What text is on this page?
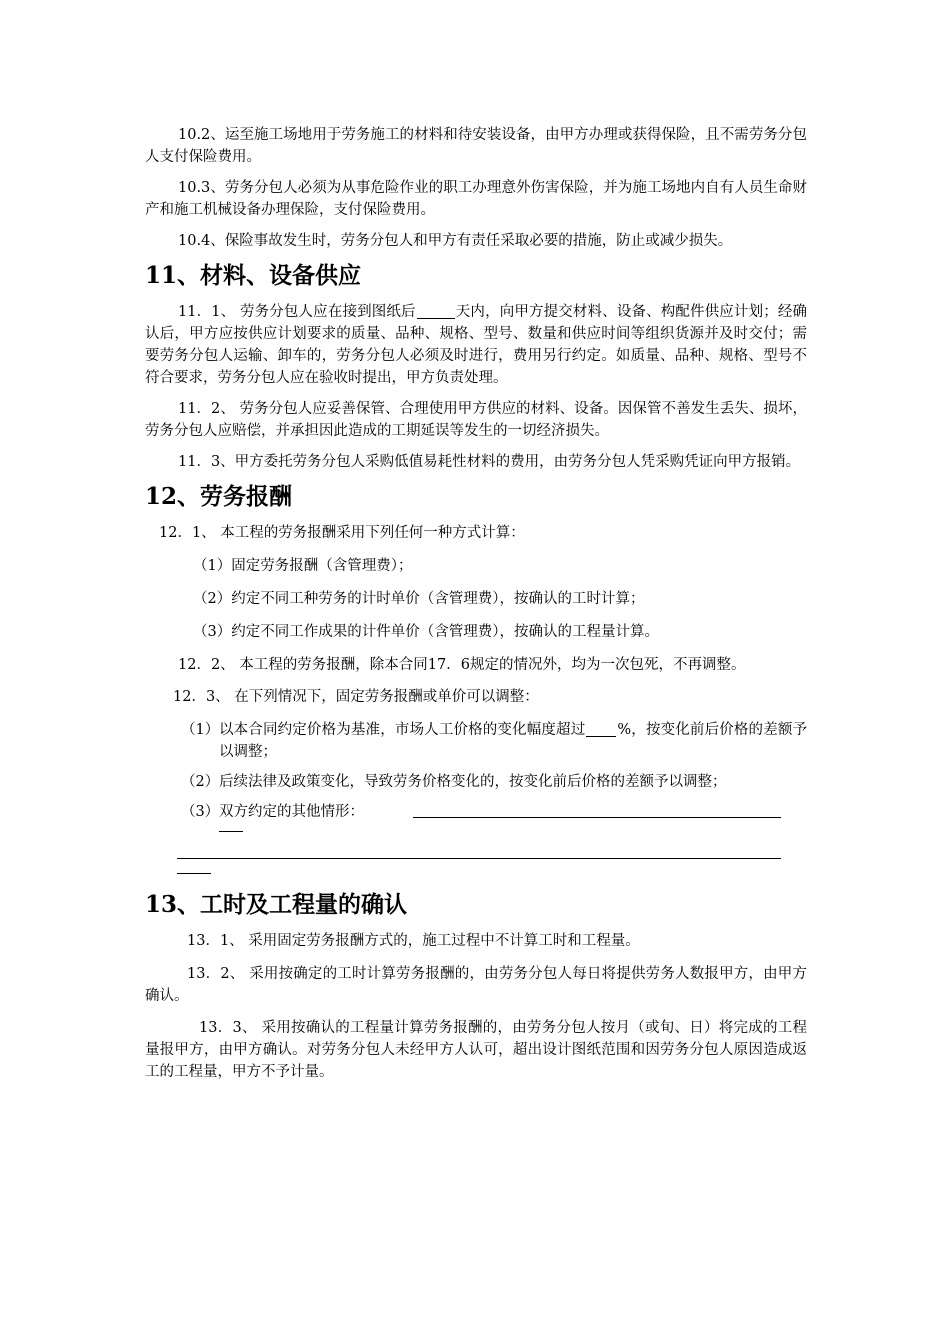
10.2、运至施工场地用于劳务施工的材料和待安装设备，由甲方办理或获得保险，且不需劳务分包人支付保险费用。

10.3、劳务分包人必须为从事危险作业的职工办理意外伤害保险，并为施工场地内自有人员生命财产和施工机械设备办理保险，支付保险费用。

10.4、保险事故发生时，劳务分包人和甲方有责任采取必要的措施，防止或减少损失。

11、材料、设备供应

11．1、 劳务分包人应在接到图纸后	天内，向甲方提交材料、设备、构配件供应计划；经确认后，甲方应按供应计划要求的质量、品种、规格、型号、数量和供应时间等组织货源并及时交付；需要劳务分包人运输、卸车的，劳务分包人必须及时进行，费用另行约定。如质量、品种、规格、型号不符合要求，劳务分包人应在验收时提出，甲方负责处理。

11．2、 劳务分包人应妥善保管、合理使用甲方供应的材料、设备。因保管不善发生丢失、损坏，劳务分包人应赔偿，并承担因此造成的工期延误等发生的一切经济损失。

11．3、甲方委托劳务分包人采购低值易耗性材料的费用，由劳务分包人凭采购凭证向甲方报销。

12、劳务报酬

12．1、 本工程的劳务报酬采用下列任何一种方式计算：

（1）固定劳务报酬（含管理费）；

（2）约定不同工种劳务的计时单价（含管理费），按确认的工时计算；

（3）约定不同工作成果的计件单价（含管理费），按确认的工程量计算。

12．2、 本工程的劳务报酬，除本合同17．6规定的情况外，均为一次包死，不再调整。

12．3、 在下列情况下，固定劳务报酬或单价可以调整：

（1） 以本合同约定价格为基准，市场人工价格的变化幅度超过 %，按变化前后价格的差额予以调整；

（2） 后续法律及政策变化，导致劳务价格变化的，按变化前后价格的差额予以调整；

（3） 双方约定的其他情形：

13、工时及工程量的确认

13．1、 采用固定劳务报酬方式的，施工过程中不计算工时和工程量。

13．2、 采用按确定的工时计算劳务报酬的，由劳务分包人每日将提供劳务人数报甲方，由甲方确认。

13．3、 采用按确认的工程量计算劳务报酬的，由劳务分包人按月（或旬、日）将完成的工程量报甲方，由甲方确认。对劳务分包人未经甲方人认可，超出设计图纸范围和因劳务分包人原因造成返工的工程量，甲方不予计量。
